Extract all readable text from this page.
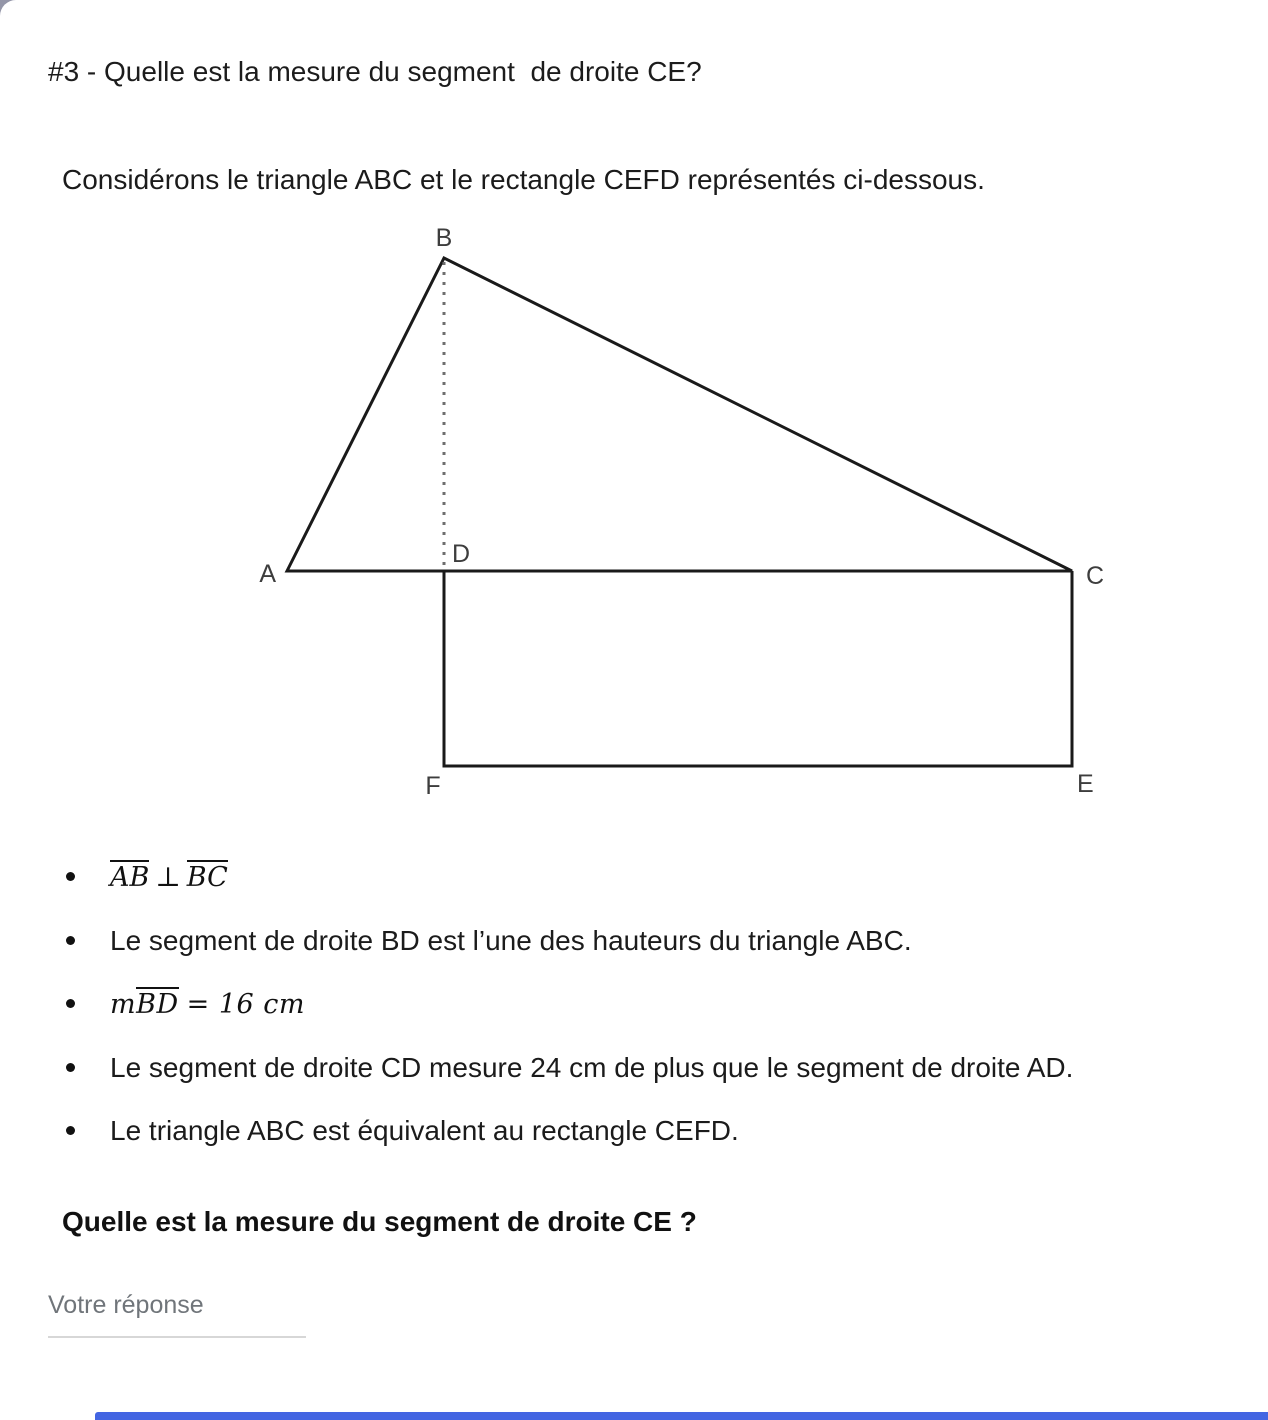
#3 - Quelle est la mesure du segment  de droite CE?

Considérons le triangle ABC et le rectangle CEFD représentés ci-dessous.

B
A
D
C
F	E
AB ⊥ BC
Le segment de droite BD est l’une des hauteurs du triangle ABC.
mBD = 16 cm
Le segment de droite CD mesure 24 cm de plus que le segment de droite AD.
Le triangle ABC est équivalent au rectangle CEFD.

Quelle est la mesure du segment de droite CE ?

Votre réponse
